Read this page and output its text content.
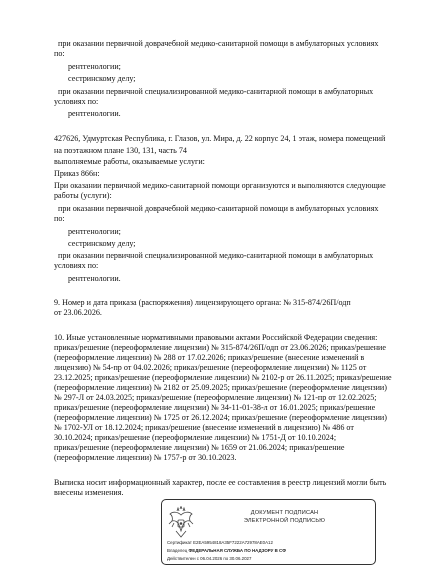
при оказании первичной доврачебной медико-санитарной помощи в амбулаторных условиях
по:
рентгенологии;
сестринскому делу;
при оказании первичной специализированной медико-санитарной помощи в амбулаторных
условиях по:
рентгенологии.
427626, Удмуртская Республика, г. Глазов, ул. Мира, д. 22 корпус 24, 1 этаж, номера помещений
на поэтажном плане 130, 131, часть 74
выполняемые работы, оказываемые услуги:
Приказ 866н:
При оказании первичной медико-санитарной помощи организуются и выполняются следующие
работы (услуги):
при оказании первичной доврачебной медико-санитарной помощи в амбулаторных условиях
по:
рентгенологии;
сестринскому делу;
при оказании первичной специализированной медико-санитарной помощи в амбулаторных
условиях по:
рентгенологии.
9. Номер и дата приказа (распоряжения) лицензирующего органа: № 315-874/26П/одп
от 23.06.2026.
10. Иные установленные нормативными правовыми актами Российской Федерации сведения:
приказ/решение (переоформление лицензии) № 315-874/26П/одп от 23.06.2026; приказ/решение
(переоформление лицензии) № 288 от 17.02.2026; приказ/решение (внесение изменений в
лицензию) № 54-пр от 04.02.2026; приказ/решение (переоформление лицензии) № 1125 от
23.12.2025; приказ/решение (переоформление лицензии) № 2102-р от 26.11.2025; приказ/решение
(переоформление лицензии) № 2182 от 25.09.2025; приказ/решение (переоформление лицензии)
№ 297-Л от 24.03.2025; приказ/решение (переоформление лицензии) № 121-пр от 12.02.2025;
приказ/решение (переоформление лицензии) № 34-11-01-38-л от 16.01.2025; приказ/решение
(переоформление лицензии) № 1725 от 26.12.2024; приказ/решение (переоформление лицензии)
№ 1702-УЛ от 18.12.2024; приказ/решение (внесение изменений в лицензию) № 486 от
30.10.2024; приказ/решение (переоформление лицензии) № 1751-Д от 10.10.2024;
приказ/решение (переоформление лицензии) № 1659 от 21.06.2024; приказ/решение
(переоформление лицензии) № 1757-р от 30.10.2023.
Выписка носит информационный характер, после ее составления в реестр лицензий могли быть
внесены изменения.
ДОКУМЕНТ ПОДПИСАН
ЭЛЕКТРОННОЙ ПОДПИСЬЮ
Сертификат E2EA5954818A35F7222A72978AE0A12
Владелец ФЕДЕРАЛЬНАЯ СЛУЖБА ПО НАДЗОРУ В СФ
Действителен с 06.04.2026 по 30.06.2027
